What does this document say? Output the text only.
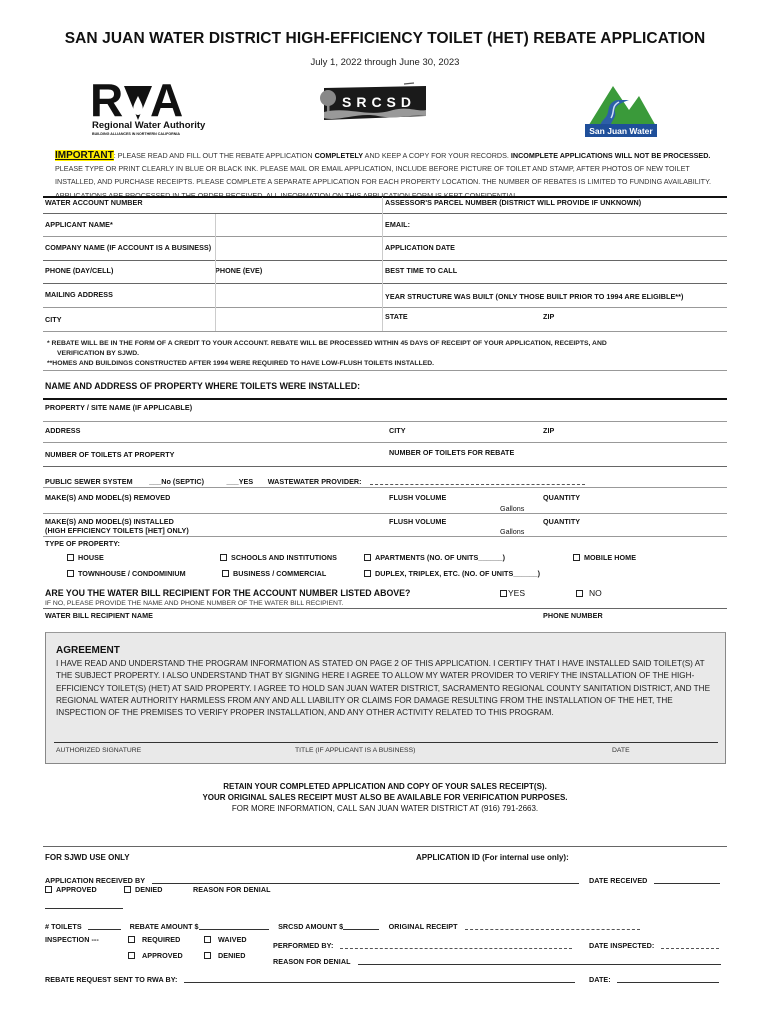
SAN JUAN WATER DISTRICT HIGH-EFFICIENCY TOILET (HET) REBATE APPLICATION
July 1, 2022 through June 30, 2023
R A
Regional Water Authority
BUILDING ALLIANCES IN NORTHERN CALIFORNIA
SRCSD
San Juan Water
IMPORTANT: PLEASE READ AND FILL OUT THE REBATE APPLICATION COMPLETELY AND KEEP A COPY FOR YOUR RECORDS. INCOMPLETE APPLICATIONS WILL NOT BE PROCESSED. PLEASE TYPE OR PRINT CLEARLY IN BLUE OR BLACK INK. PLEASE MAIL OR EMAIL APPLICATION, INCLUDE BEFORE PICTURE OF TOILET AND STAMP, AFTER PHOTOS OF NEW TOILET INSTALLED, AND PURCHASE RECEIPTS. PLEASE COMPLETE A SEPARATE APPLICATION FOR EACH PROPERTY LOCATION. THE NUMBER OF REBATES IS LIMITED TO FUNDING AVAILABILITY. APPLICATIONS ARE PROCESSED IN THE ORDER RECEIVED. ALL INFORMATION ON THIS APPLICATION FORM IS KEPT CONFIDENTIAL.
WATER ACCOUNT NUMBER	ASSESSOR'S PARCEL NUMBER (DISTRICT WILL PROVIDE IF UNKNOWN)
APPLICANT NAME*	EMAIL:
COMPANY NAME (IF ACCOUNT IS A BUSINESS)	APPLICATION DATE
PHONE (DAY/CELL)	PHONE (EVE)	BEST TIME TO CALL
MAILING ADDRESS	YEAR STRUCTURE WAS BUILT (ONLY THOSE BUILT PRIOR TO 1994 ARE ELIGIBLE**)
CITY	STATE	ZIP
* REBATE WILL BE IN THE FORM OF A CREDIT TO YOUR ACCOUNT. REBATE WILL BE PROCESSED WITHIN 45 DAYS OF RECEIPT OF YOUR APPLICATION, RECEIPTS, AND
VERIFICATION BY SJWD.
**HOMES AND BUILDINGS CONSTRUCTED AFTER 1994 WERE REQUIRED TO HAVE LOW-FLUSH TOILETS INSTALLED.
NAME AND ADDRESS OF PROPERTY WHERE TOILETS WERE INSTALLED:
PROPERTY / SITE NAME (IF APPLICABLE)
ADDRESS	CITY	ZIP
NUMBER OF TOILETS AT PROPERTY	NUMBER OF TOILETS FOR REBATE
PUBLIC SEWER SYSTEM ___No (SEPTIC)	___YES WASTEWATER PROVIDER:
MAKE(S) AND MODEL(S) REMOVED	FLUSH VOLUME
Gallons
QUANTITY
MAKE(S) AND MODEL(S) INSTALLED
(HIGH EFFICIENCY TOILETS [HET] ONLY)
FLUSH VOLUME
Gallons
QUANTITY
TYPE OF PROPERTY:
HOUSE	SCHOOLS AND INSTITUTIONS	APARTMENTS (NO. OF UNITS______)	MOBILE HOME
TOWNHOUSE / CONDOMINIUM	BUSINESS / COMMERCIAL	DUPLEX, TRIPLEX, ETC. (NO. OF UNITS______)
ARE YOU THE WATER BILL RECIPIENT FOR THE ACCOUNT NUMBER LISTED ABOVE?	YES	NO
IF NO, PLEASE PROVIDE THE NAME AND PHONE NUMBER OF THE WATER BILL RECIPIENT.
WATER BILL RECIPIENT NAME	PHONE NUMBER
AGREEMENT
I HAVE READ AND UNDERSTAND THE PROGRAM INFORMATION AS STATED ON PAGE 2 OF THIS APPLICATION. I CERTIFY THAT I HAVE INSTALLED SAID TOILET(S) AT THE SUBJECT PROPERTY. I ALSO UNDERSTAND THAT BY SIGNING HERE I AGREE TO ALLOW MY WATER PROVIDER TO VERIFY THE INSTALLATION OF THE HIGH-EFFICIENCY TOILET(S) (HET) AT SAID PROPERTY. I AGREE TO HOLD SAN JUAN WATER DISTRICT, SACRAMENTO REGIONAL COUNTY SANITATION DISTRICT, AND THE REGIONAL WATER AUTHORITY HARMLESS FROM ANY AND ALL LIABILITY OR CLAIMS FOR DAMAGE RESULTING FROM THE INSTALLATION OF THE HET, THE INSPECTION OF THE PREMISES TO VERIFY PROPER INSTALLATION, AND ANY OTHER ACTIVITY RELATED TO THIS PROGRAM.
AUTHORIZED SIGNATURE	TITLE (IF APPLICANT IS A BUSINESS)	DATE
RETAIN YOUR COMPLETED APPLICATION AND COPY OF YOUR SALES RECEIPT(S).
YOUR ORIGINAL SALES RECEIPT MUST ALSO BE AVAILABLE FOR VERIFICATION PURPOSES.
FOR MORE INFORMATION, CALL SAN JUAN WATER DISTRICT AT (916) 791-2663.
FOR SJWD USE ONLY	APPLICATION ID (For internal use only):
APPLICATION RECEIVED BY	DATE RECEIVED
APPROVED	DENIED	REASON FOR DENIAL
# TOILETS	REBATE AMOUNT $	SRCSD AMOUNT $	ORIGINAL RECEIPT
INSPECTION ---	REQUIRED	WAIVED
PERFORMED BY:	DATE INSPECTED:
APPROVED	DENIED
REASON FOR DENIAL
REBATE REQUEST SENT TO RWA BY:	DATE:
